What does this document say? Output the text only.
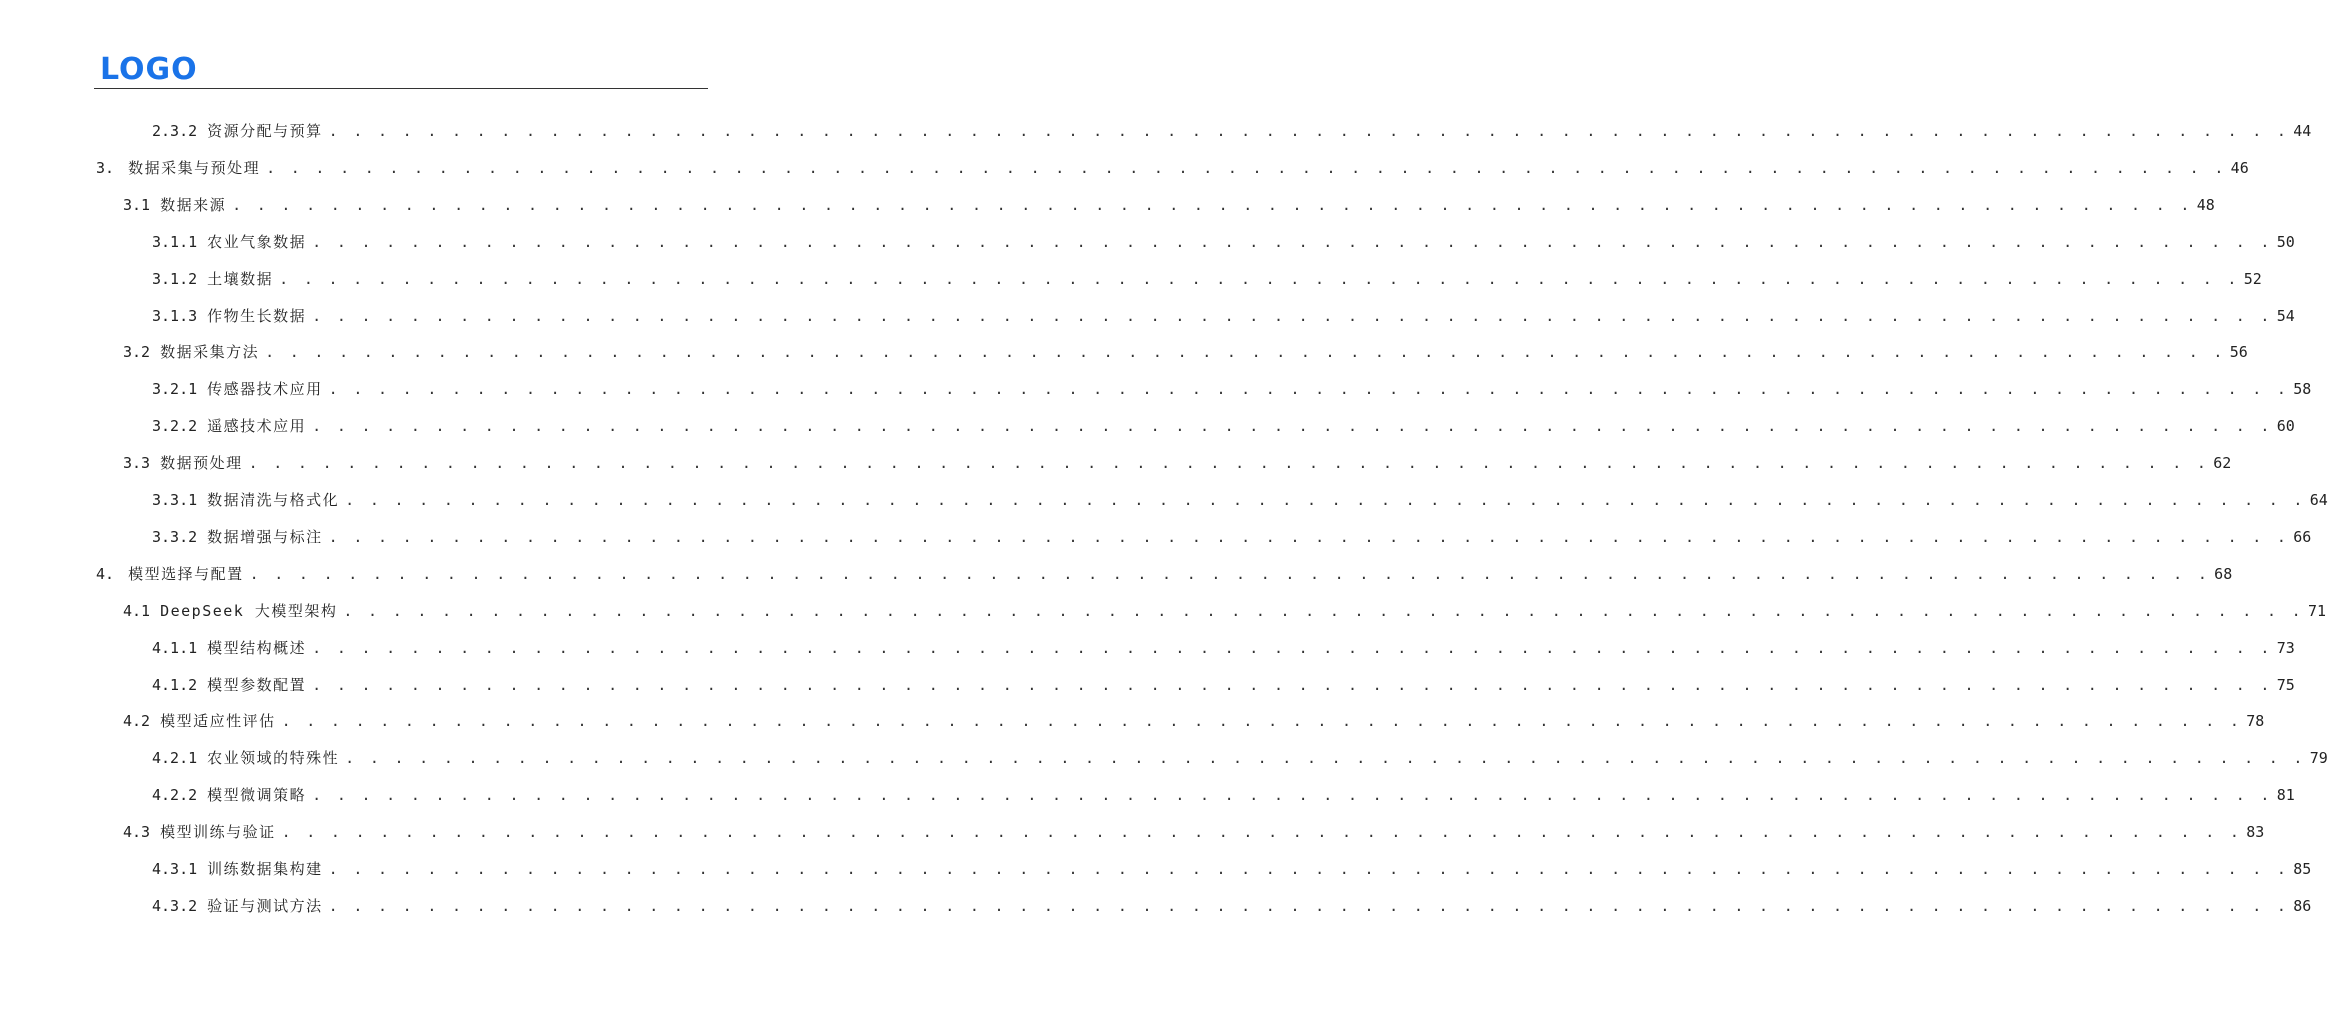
LOGO
2.3.2 资源分配与预算 . . . . . . . . . . . . . . . . . . . . . . . . . . . . . . . . . . . . . . . . . . . . . . . . . . . . . . . . . . . . . . . . . . . . . . . . . . . . . . . . 44
3. 数据采集与预处理 . . . . . . . . . . . . . . . . . . . . . . . . . . . . . . . . . . . . . . . . . . . . . . . . . . . . . . . . . . . . . . . . . . . . . . . . . . . . . . . . 46
3.1 数据来源 . . . . . . . . . . . . . . . . . . . . . . . . . . . . . . . . . . . . . . . . . . . . . . . . . . . . . . . . . . . . . . . . . . . . . . . . . . . . . . . . 48
3.1.1 农业气象数据 . . . . . . . . . . . . . . . . . . . . . . . . . . . . . . . . . . . . . . . . . . . . . . . . . . . . . . . . . . . . . . . . . . . . . . . . . . . . . . . . 50
3.1.2 土壤数据 . . . . . . . . . . . . . . . . . . . . . . . . . . . . . . . . . . . . . . . . . . . . . . . . . . . . . . . . . . . . . . . . . . . . . . . . . . . . . . . . 52
3.1.3 作物生长数据 . . . . . . . . . . . . . . . . . . . . . . . . . . . . . . . . . . . . . . . . . . . . . . . . . . . . . . . . . . . . . . . . . . . . . . . . . . . . . . . . 54
3.2 数据采集方法 . . . . . . . . . . . . . . . . . . . . . . . . . . . . . . . . . . . . . . . . . . . . . . . . . . . . . . . . . . . . . . . . . . . . . . . . . . . . . . . . 56
3.2.1 传感器技术应用 . . . . . . . . . . . . . . . . . . . . . . . . . . . . . . . . . . . . . . . . . . . . . . . . . . . . . . . . . . . . . . . . . . . . . . . . . . . . . . . . 58
3.2.2 遥感技术应用 . . . . . . . . . . . . . . . . . . . . . . . . . . . . . . . . . . . . . . . . . . . . . . . . . . . . . . . . . . . . . . . . . . . . . . . . . . . . . . . . 60
3.3 数据预处理 . . . . . . . . . . . . . . . . . . . . . . . . . . . . . . . . . . . . . . . . . . . . . . . . . . . . . . . . . . . . . . . . . . . . . . . . . . . . . . . . 62
3.3.1 数据清洗与格式化 . . . . . . . . . . . . . . . . . . . . . . . . . . . . . . . . . . . . . . . . . . . . . . . . . . . . . . . . . . . . . . . . . . . . . . . . . . . . . . . . 64
3.3.2 数据增强与标注 . . . . . . . . . . . . . . . . . . . . . . . . . . . . . . . . . . . . . . . . . . . . . . . . . . . . . . . . . . . . . . . . . . . . . . . . . . . . . . . . 66
4. 模型选择与配置 . . . . . . . . . . . . . . . . . . . . . . . . . . . . . . . . . . . . . . . . . . . . . . . . . . . . . . . . . . . . . . . . . . . . . . . . . . . . . . . . 68
4.1 DeepSeek 大模型架构 . . . . . . . . . . . . . . . . . . . . . . . . . . . . . . . . . . . . . . . . . . . . . . . . . . . . . . . . . . . . . . . . . . . . . . . . . . . . . . . . 71
4.1.1 模型结构概述 . . . . . . . . . . . . . . . . . . . . . . . . . . . . . . . . . . . . . . . . . . . . . . . . . . . . . . . . . . . . . . . . . . . . . . . . . . . . . . . . 73
4.1.2 模型参数配置 . . . . . . . . . . . . . . . . . . . . . . . . . . . . . . . . . . . . . . . . . . . . . . . . . . . . . . . . . . . . . . . . . . . . . . . . . . . . . . . . 75
4.2 模型适应性评估 . . . . . . . . . . . . . . . . . . . . . . . . . . . . . . . . . . . . . . . . . . . . . . . . . . . . . . . . . . . . . . . . . . . . . . . . . . . . . . . . 78
4.2.1 农业领域的特殊性 . . . . . . . . . . . . . . . . . . . . . . . . . . . . . . . . . . . . . . . . . . . . . . . . . . . . . . . . . . . . . . . . . . . . . . . . . . . . . . . . 79
4.2.2 模型微调策略 . . . . . . . . . . . . . . . . . . . . . . . . . . . . . . . . . . . . . . . . . . . . . . . . . . . . . . . . . . . . . . . . . . . . . . . . . . . . . . . . 81
4.3 模型训练与验证 . . . . . . . . . . . . . . . . . . . . . . . . . . . . . . . . . . . . . . . . . . . . . . . . . . . . . . . . . . . . . . . . . . . . . . . . . . . . . . . . 83
4.3.1 训练数据集构建 . . . . . . . . . . . . . . . . . . . . . . . . . . . . . . . . . . . . . . . . . . . . . . . . . . . . . . . . . . . . . . . . . . . . . . . . . . . . . . . . 85
4.3.2 验证与测试方法 . . . . . . . . . . . . . . . . . . . . . . . . . . . . . . . . . . . . . . . . . . . . . . . . . . . . . . . . . . . . . . . . . . . . . . . . . . . . . . . . 86
